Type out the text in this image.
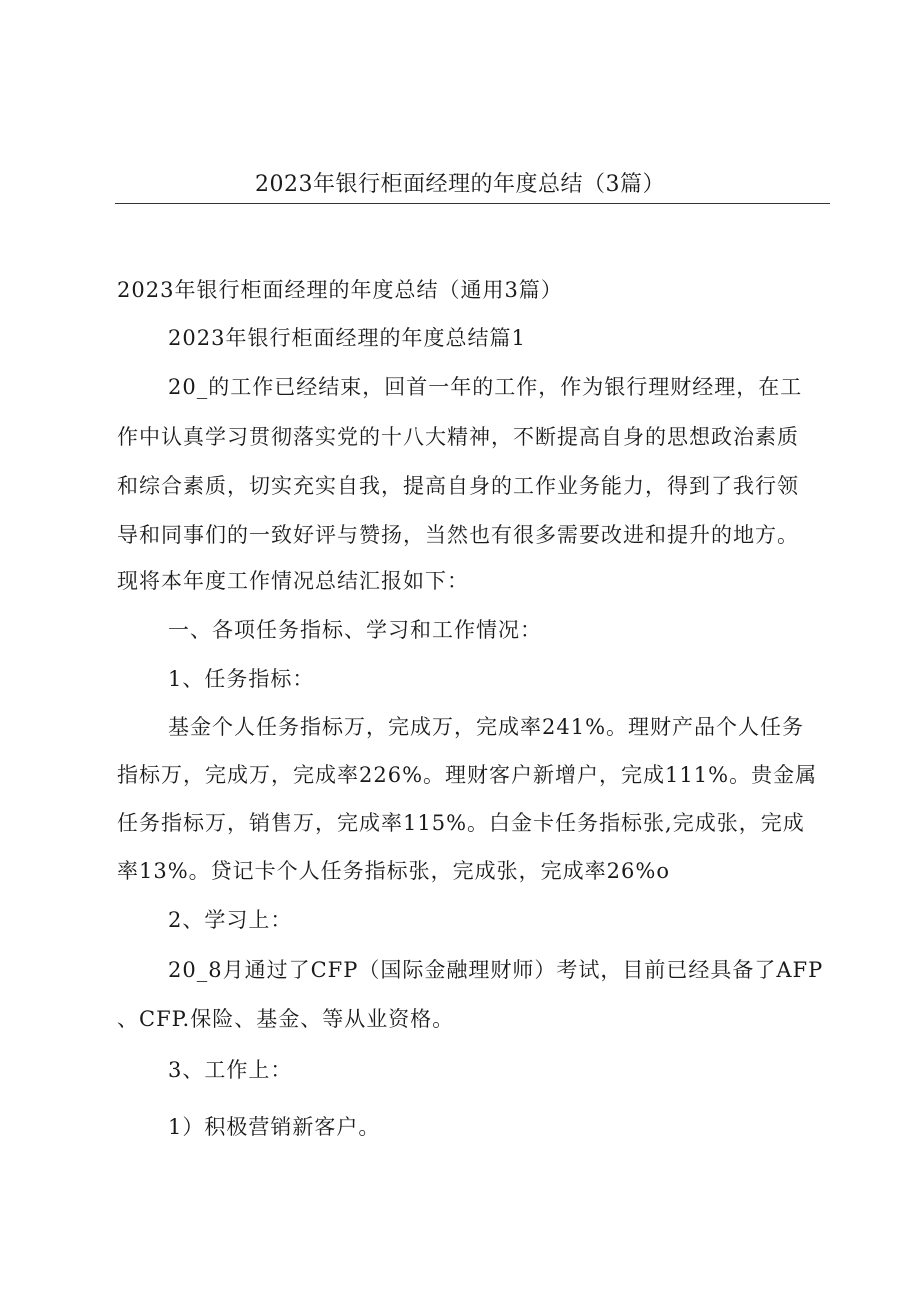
2023年银行柜面经理的年度总结（3篇）
2023年银行柜面经理的年度总结（通用3篇）
2023年银行柜面经理的年度总结篇1
20_的工作已经结束，回首一年的工作，作为银行理财经理，在工
作中认真学习贯彻落实党的十八大精神，不断提高自身的思想政治素质
和综合素质，切实充实自我，提高自身的工作业务能力，得到了我行领
导和同事们的一致好评与赞扬，当然也有很多需要改进和提升的地方。
现将本年度工作情况总结汇报如下：
一、各项任务指标、学习和工作情况：
1、任务指标：
基金个人任务指标万，完成万，完成率241%。理财产品个人任务
指标万，完成万，完成率226%。理财客户新增户，完成111%。贵金属
任务指标万，销售万，完成率115%。白金卡任务指标张,完成张，完成
率13%。贷记卡个人任务指标张，完成张，完成率26%o
2、学习上：
20_8月通过了CFP（国际金融理财师）考试，目前已经具备了AFP
、CFP.保险、基金、等从业资格。
3、工作上：
1）积极营销新客户。
